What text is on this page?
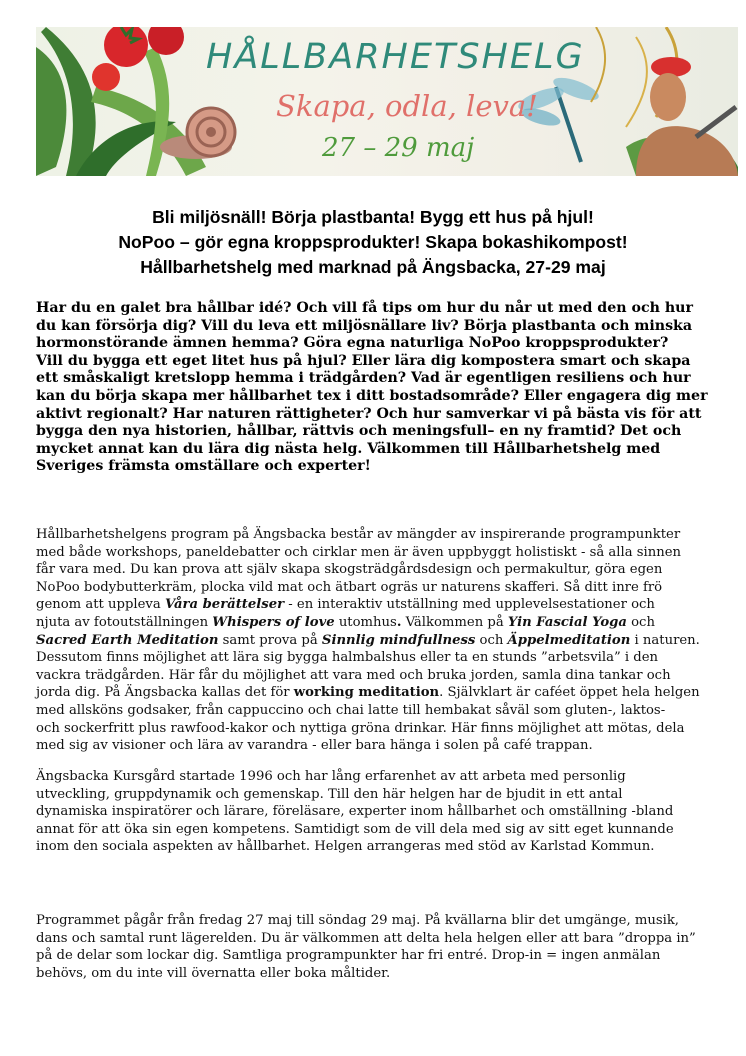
HÅLLBARHETSHELG
Skapa, odla, leva!
27 – 29 maj
Bli miljösnäll! Börja plastbanta! Bygg ett hus på hjul!
NoPoo – gör egna kroppsprodukter! Skapa bokashikompost!
Hållbarhetshelg med marknad på Ängsbacka, 27-29 maj
Har du en galet bra hållbar idé? Och vill få tips om hur du når ut med den och hur
du kan försörja dig? Vill du leva ett miljösnällare liv? Börja plastbanta och minska
hormonstörande ämnen hemma? Göra egna naturliga NoPoo kroppsprodukter?
Vill du bygga ett eget litet hus på hjul? Eller lära dig kompostera smart och skapa
ett småskaligt kretslopp hemma i trädgården? Vad är egentligen resiliens och hur
kan du börja skapa mer hållbarhet tex i ditt bostadsområde? Eller engagera dig mer
aktivt regionalt? Har naturen rättigheter? Och hur samverkar vi på bästa vis för att
bygga den nya historien, hållbar, rättvis och meningsfull– en ny framtid? Det och
mycket annat kan du lära dig nästa helg. Välkommen till Hållbarhetshelg med
Sveriges främsta omställare och experter!
Hållbarhetshelgens program på Ängsbacka består av mängder av inspirerande programpunkter
med både workshops, paneldebatter och cirklar men är även uppbyggt holistiskt - så alla sinnen
får vara med. Du kan prova att själv skapa skogsträdgårdsdesign och permakultur, göra egen
NoPoo bodybutterkräm, plocka vild mat och ätbart ogräs ur naturens skafferi. Så ditt inre frö
genom att uppleva Våra berättelser - en interaktiv utställning med upplevelsestationer och
njuta av fotoutställningen Whispers of love utomhus. Välkommen på Yin Fascial Yoga och
Sacred Earth Meditation samt prova på Sinnlig mindfullness och Äppelmeditation i naturen.
Dessutom finns möjlighet att lära sig bygga halmbalshus eller ta en stunds ”arbetsvila” i den
vackra trädgården. Här får du möjlighet att vara med och bruka jorden, samla dina tankar och
jorda dig. På Ängsbacka kallas det för working meditation. Självklart är caféet öppet hela helgen
med allsköns godsaker, från cappuccino och chai latte till hembakat såväl som gluten-, laktos-
och sockerfritt plus rawfood-kakor och nyttiga gröna drinkar. Här finns möjlighet att mötas, dela
med sig av visioner och lära av varandra - eller bara hänga i solen på café trappan.
Ängsbacka Kursgård startade 1996 och har lång erfarenhet av att arbeta med personlig
utveckling, gruppdynamik och gemenskap. Till den här helgen har de bjudit in ett antal
dynamiska inspiratörer och lärare, föreläsare, experter inom hållbarhet och omställning -bland
annat för att öka sin egen kompetens. Samtidigt som de vill dela med sig av sitt eget kunnande
inom den sociala aspekten av hållbarhet. Helgen arrangeras med stöd av Karlstad Kommun.
Programmet pågår från fredag 27 maj till söndag 29 maj. På kvällarna blir det umgänge, musik,
dans och samtal runt lägerelden. Du är välkommen att delta hela helgen eller att bara ”droppa in”
på de delar som lockar dig. Samtliga programpunkter har fri entré. Drop-in = ingen anmälan
behövs, om du inte vill övernatta eller boka måltider.
